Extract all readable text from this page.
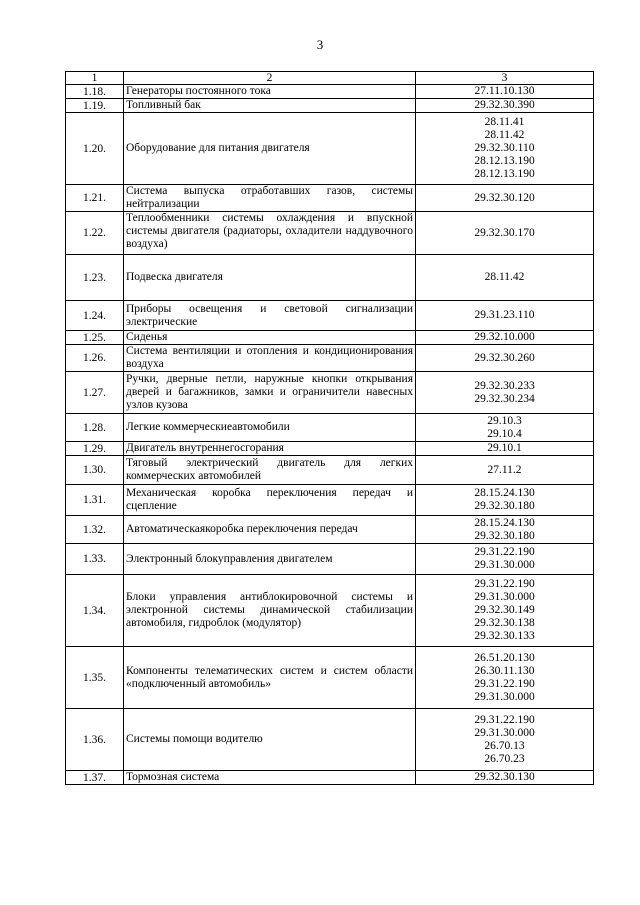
3
1	2	3
1.18.	Генераторы постоянного тока	27.11.10.130

1.19.	Топливный бак	29.32.30.390

1.20.	Оборудование для питания двигателя	28.11.41
28.11.42
29.32.30.110
28.12.13.190
28.12.13.190

1.21.	Система выпуска отработавших газов, системы нейтрализации	29.32.30.120

1.22.	Теплообменники системы охлаждения и впускной системы двигателя (радиаторы, охладители наддувочного воздуха)	29.32.30.170

1.23.	Подвеска двигателя	28.11.42

1.24.	Приборы освещения и световой сигнализации электрические	29.31.23.110

1.25.	Сиденья	29.32.10.000

1.26.	Система вентиляции и отопления и кондиционирования воздуха	29.32.30.260

1.27.	Ручки, дверные петли, наружные кнопки открывания дверей и багажников, замки и ограничители навесных узлов кузова	29.32.30.233
29.32.30.234

1.28.	Легкие коммерческиеавтомобили	29.10.3
29.10.4

1.29.	Двигатель внутреннегосгорания	29.10.1

1.30.	Тяговый электрический двигатель для легких коммерческих автомобилей	27.11.2

1.31.	Механическая коробка переключения передач и сцепление	28.15.24.130
29.32.30.180

1.32.	Автоматическаякоробка переключения передач	28.15.24.130
29.32.30.180

1.33.	Электронный блокуправления двигателем	29.31.22.190
29.31.30.000

1.34.	Блоки управления антиблокировочной системы и электронной системы динамической стабилизации автомобиля, гидроблок (модулятор)	29.31.22.190
29.31.30.000
29.32.30.149
29.32.30.138
29.32.30.133

1.35.	Компоненты телематических систем и систем области «подключенный автомобиль»	26.51.20.130
26.30.11.130
29.31.22.190
29.31.30.000

1.36.	Системы помощи водителю	29.31.22.190
29.31.30.000
26.70.13
26.70.23

1.37.	Тормозная система	29.32.30.130
